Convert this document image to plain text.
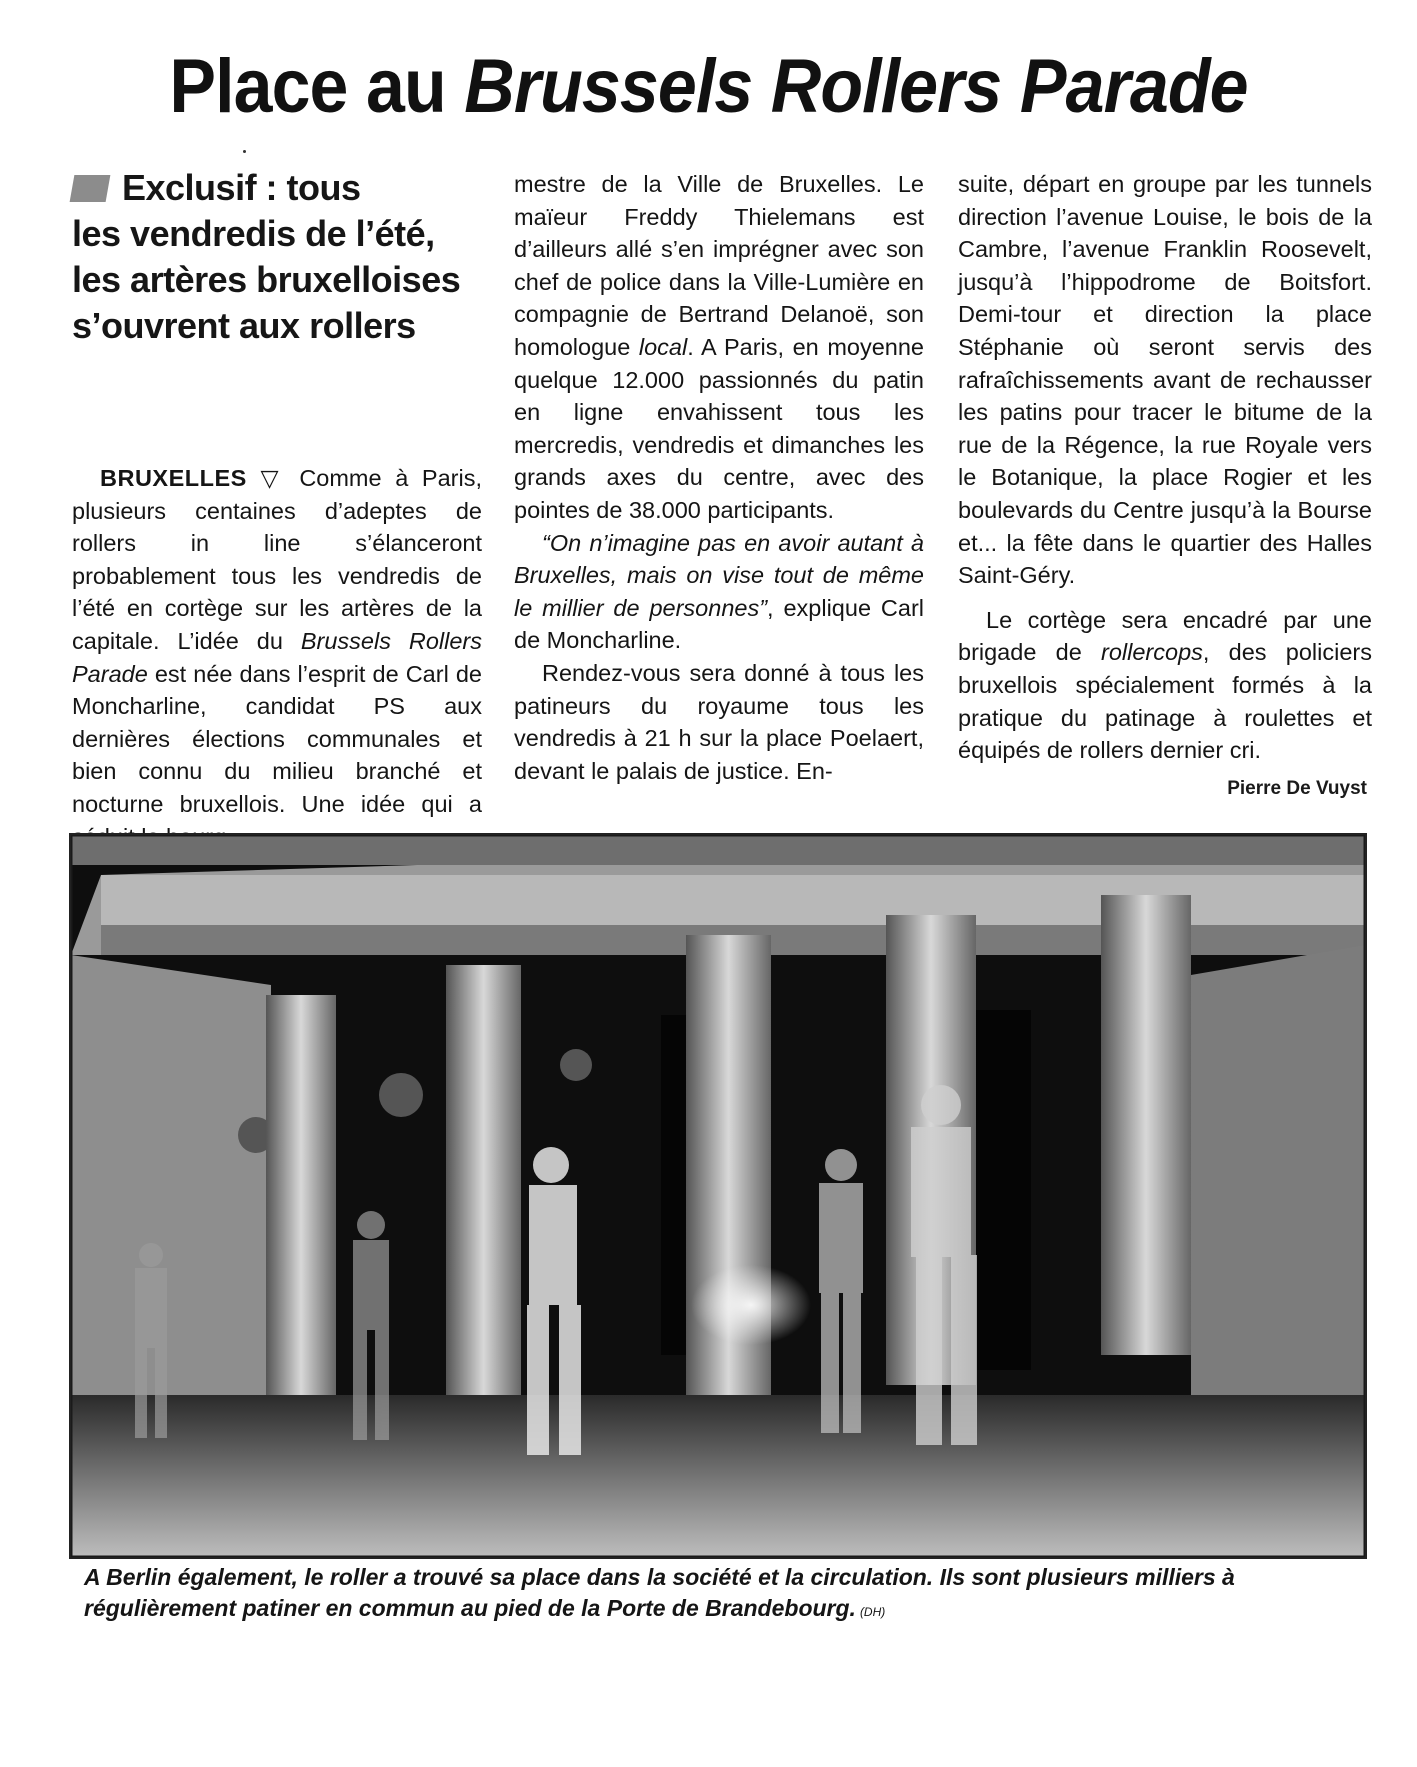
Place au Brussels Rollers Parade
Exclusif : tous
les vendredis de l’été,
les artères bruxelloises
s’ouvrent aux rollers

BRUXELLES ▽ Comme à Paris, plusieurs centaines d’adeptes de rollers in line s’élanceront probablement tous les vendredis de l’été en cortège sur les artères de la capitale. L’idée du Brussels Rollers Parade est née dans l’esprit de Carl de Moncharline, candidat PS aux dernières élections communales et bien connu du milieu branché et nocturne bruxellois. Une idée qui a

mestre de la Ville de Bruxelles. Le maïeur Freddy Thielemans est d’ailleurs allé s’en imprégner avec son chef de police dans la Ville-Lumière en compagnie de Bertrand Delanoë, son homologue local. A Paris, en moyenne quelque 12.000 passionnés du patin en ligne envahissent tous les mercredis, vendredis et dimanches les grands axes du centre, avec des pointes de 38.000 participants.

“On n’imagine pas en avoir autant à Bruxelles, mais on vise tout de même le millier de personnes”, explique Carl de Moncharline.

Rendez-vous sera donné à tous les patineurs du royaume tous les vendredis à 21 h sur la place Poelaert, devant le palais de justice. En-

suite, départ en groupe par les tunnels direction l’avenue Louise, le bois de la Cambre, l’avenue Franklin Roosevelt, jusqu’à l’hippodrome de Boitsfort. Demi-tour et direction la place Stéphanie où seront servis des rafraîchissements avant de rechausser les patins pour tracer le bitume de la rue de la Régence, la rue Royale vers le Botanique, la place Rogier et les boulevards du Centre jusqu’à la Bourse et... la fête dans le quartier des Halles Saint-Géry.

Le cortège sera encadré par une brigade de rollercops, des policiers bruxellois spécialement formés à la pratique du patinage à roulettes et équipés de rollers dernier cri.

Pierre De Vuyst
A Berlin également, le roller a trouvé sa place dans la société et la circulation. Ils sont plusieurs milliers à régulièrement patiner en commun au pied de la Porte de Brandebourg. (DH)
